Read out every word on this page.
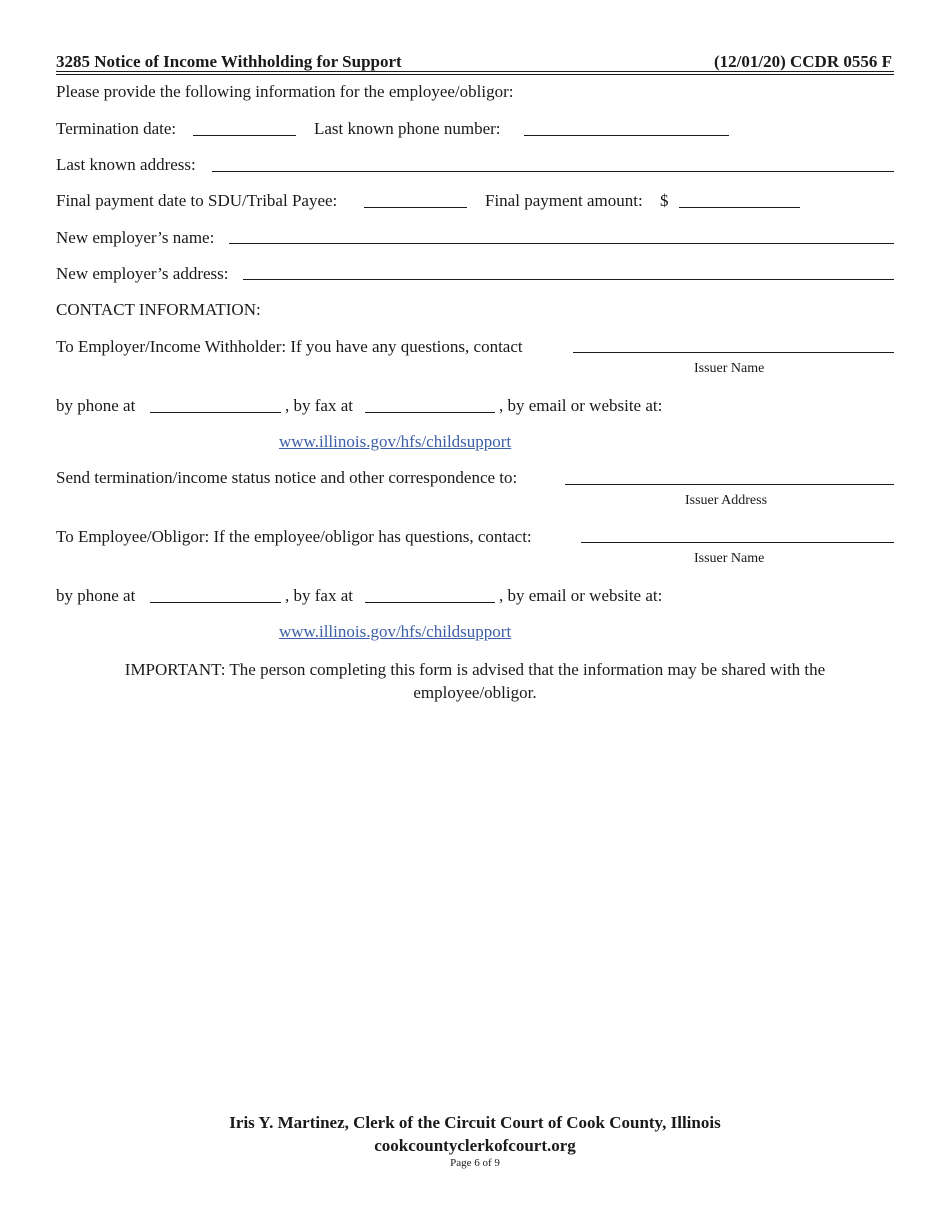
3285 Notice of Income Withholding for Support	(12/01/20) CCDR 0556 F
Please provide the following information for the employee/obligor:
Termination date:	Last known phone number:
Last known address:
Final payment date to SDU/Tribal Payee:	Final payment amount: $
New employer’s name:
New employer’s address:
CONTACT INFORMATION:
To Employer/Income Withholder: If you have any questions, contact
Issuer Name
by phone at	, by fax at	, by email or website at:
www.illinois.gov/hfs/childsupport
Send termination/income status notice and other correspondence to:
Issuer Address
To Employee/Obligor: If the employee/obligor has questions, contact:
Issuer Name
by phone at	, by fax at	, by email or website at:
www.illinois.gov/hfs/childsupport
IMPORTANT: The person completing this form is advised that the information may be shared with the employee/obligor.
Iris Y. Martinez, Clerk of the Circuit Court of Cook County, Illinois
cookcountyclerkofcourt.org
Page 6 of 9
